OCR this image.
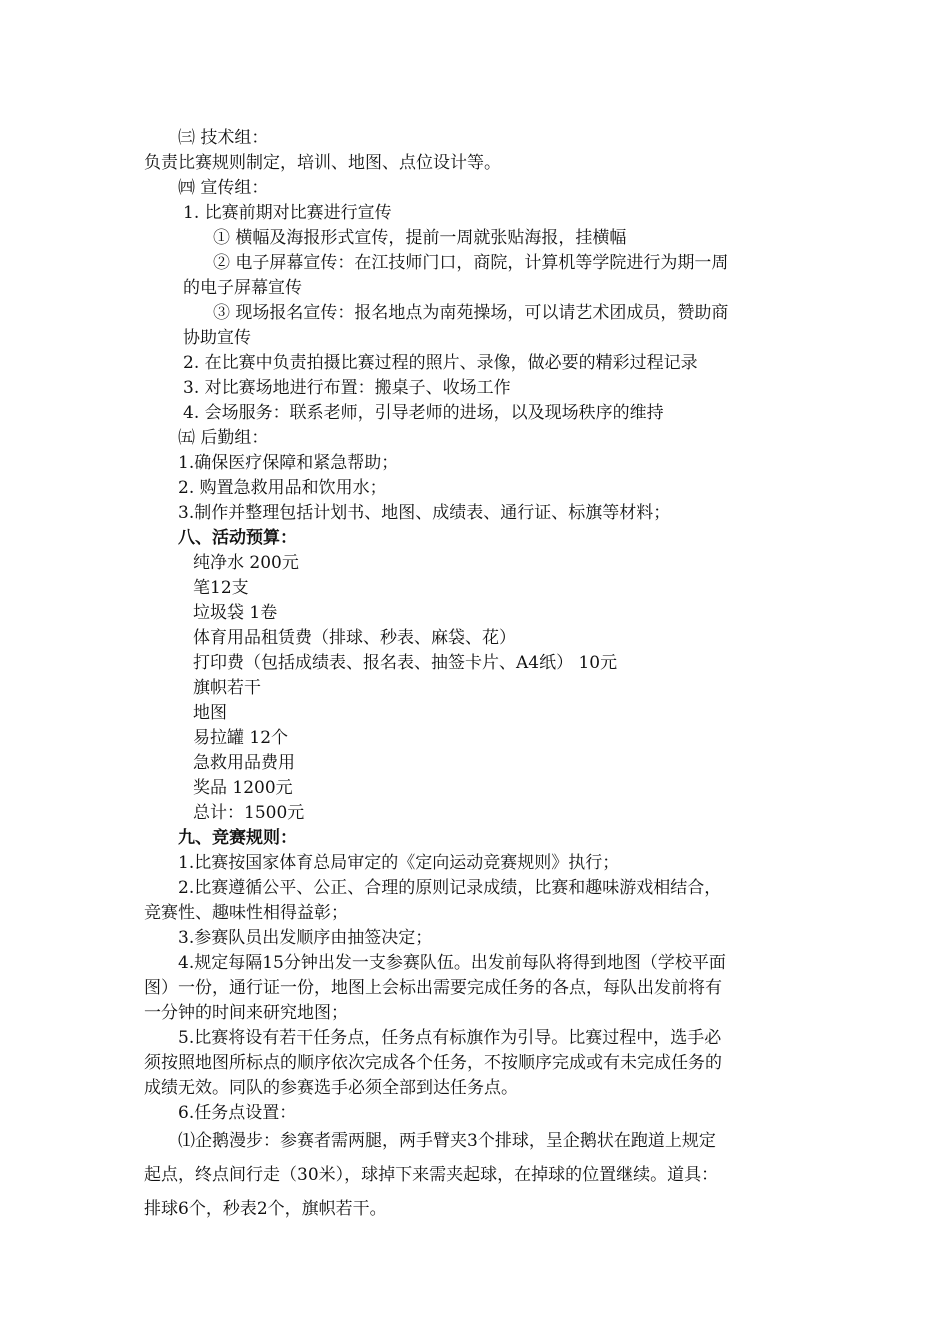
㈢ 技术组：
负责比赛规则制定，培训、地图、点位设计等。
㈣ 宣传组：
1. 比赛前期对比赛进行宣传
① 横幅及海报形式宣传，提前一周就张贴海报，挂横幅
② 电子屏幕宣传：在江技师门口，商院，计算机等学院进行为期一周
的电子屏幕宣传
③ 现场报名宣传：报名地点为南苑操场，可以请艺术团成员，赞助商
协助宣传
2. 在比赛中负责拍摄比赛过程的照片、录像，做必要的精彩过程记录
3. 对比赛场地进行布置：搬桌子、收场工作
4. 会场服务：联系老师，引导老师的进场，以及现场秩序的维持
㈤ 后勤组：
1.确保医疗保障和紧急帮助；
2. 购置急救用品和饮用水；
3.制作并整理包括计划书、地图、成绩表、通行证、标旗等材料；
八、活动预算：
纯净水 200元
笔12支
垃圾袋 1卷
体育用品租赁费（排球、秒表、麻袋、花）
打印费（包括成绩表、报名表、抽签卡片、A4纸） 10元
旗帜若干
地图
易拉罐 12个
急救用品费用
奖品 1200元
总计：1500元
九、竞赛规则：
1.比赛按国家体育总局审定的《定向运动竞赛规则》执行；
2.比赛遵循公平、公正、合理的原则记录成绩，比赛和趣味游戏相结合，
竞赛性、趣味性相得益彰；
3.参赛队员出发顺序由抽签决定；
4.规定每隔15分钟出发一支参赛队伍。出发前每队将得到地图（学校平面
图）一份，通行证一份，地图上会标出需要完成任务的各点，每队出发前将有
一分钟的时间来研究地图；
5.比赛将设有若干任务点，任务点有标旗作为引导。比赛过程中，选手必
须按照地图所标点的顺序依次完成各个任务，不按顺序完成或有未完成任务的
成绩无效。同队的参赛选手必须全部到达任务点。
6.任务点设置：
⑴企鹅漫步：参赛者需两腿，两手臂夹3个排球，呈企鹅状在跑道上规定
起点，终点间行走（30米），球掉下来需夹起球，在掉球的位置继续。道具：
排球6个，秒表2个，旗帜若干。
